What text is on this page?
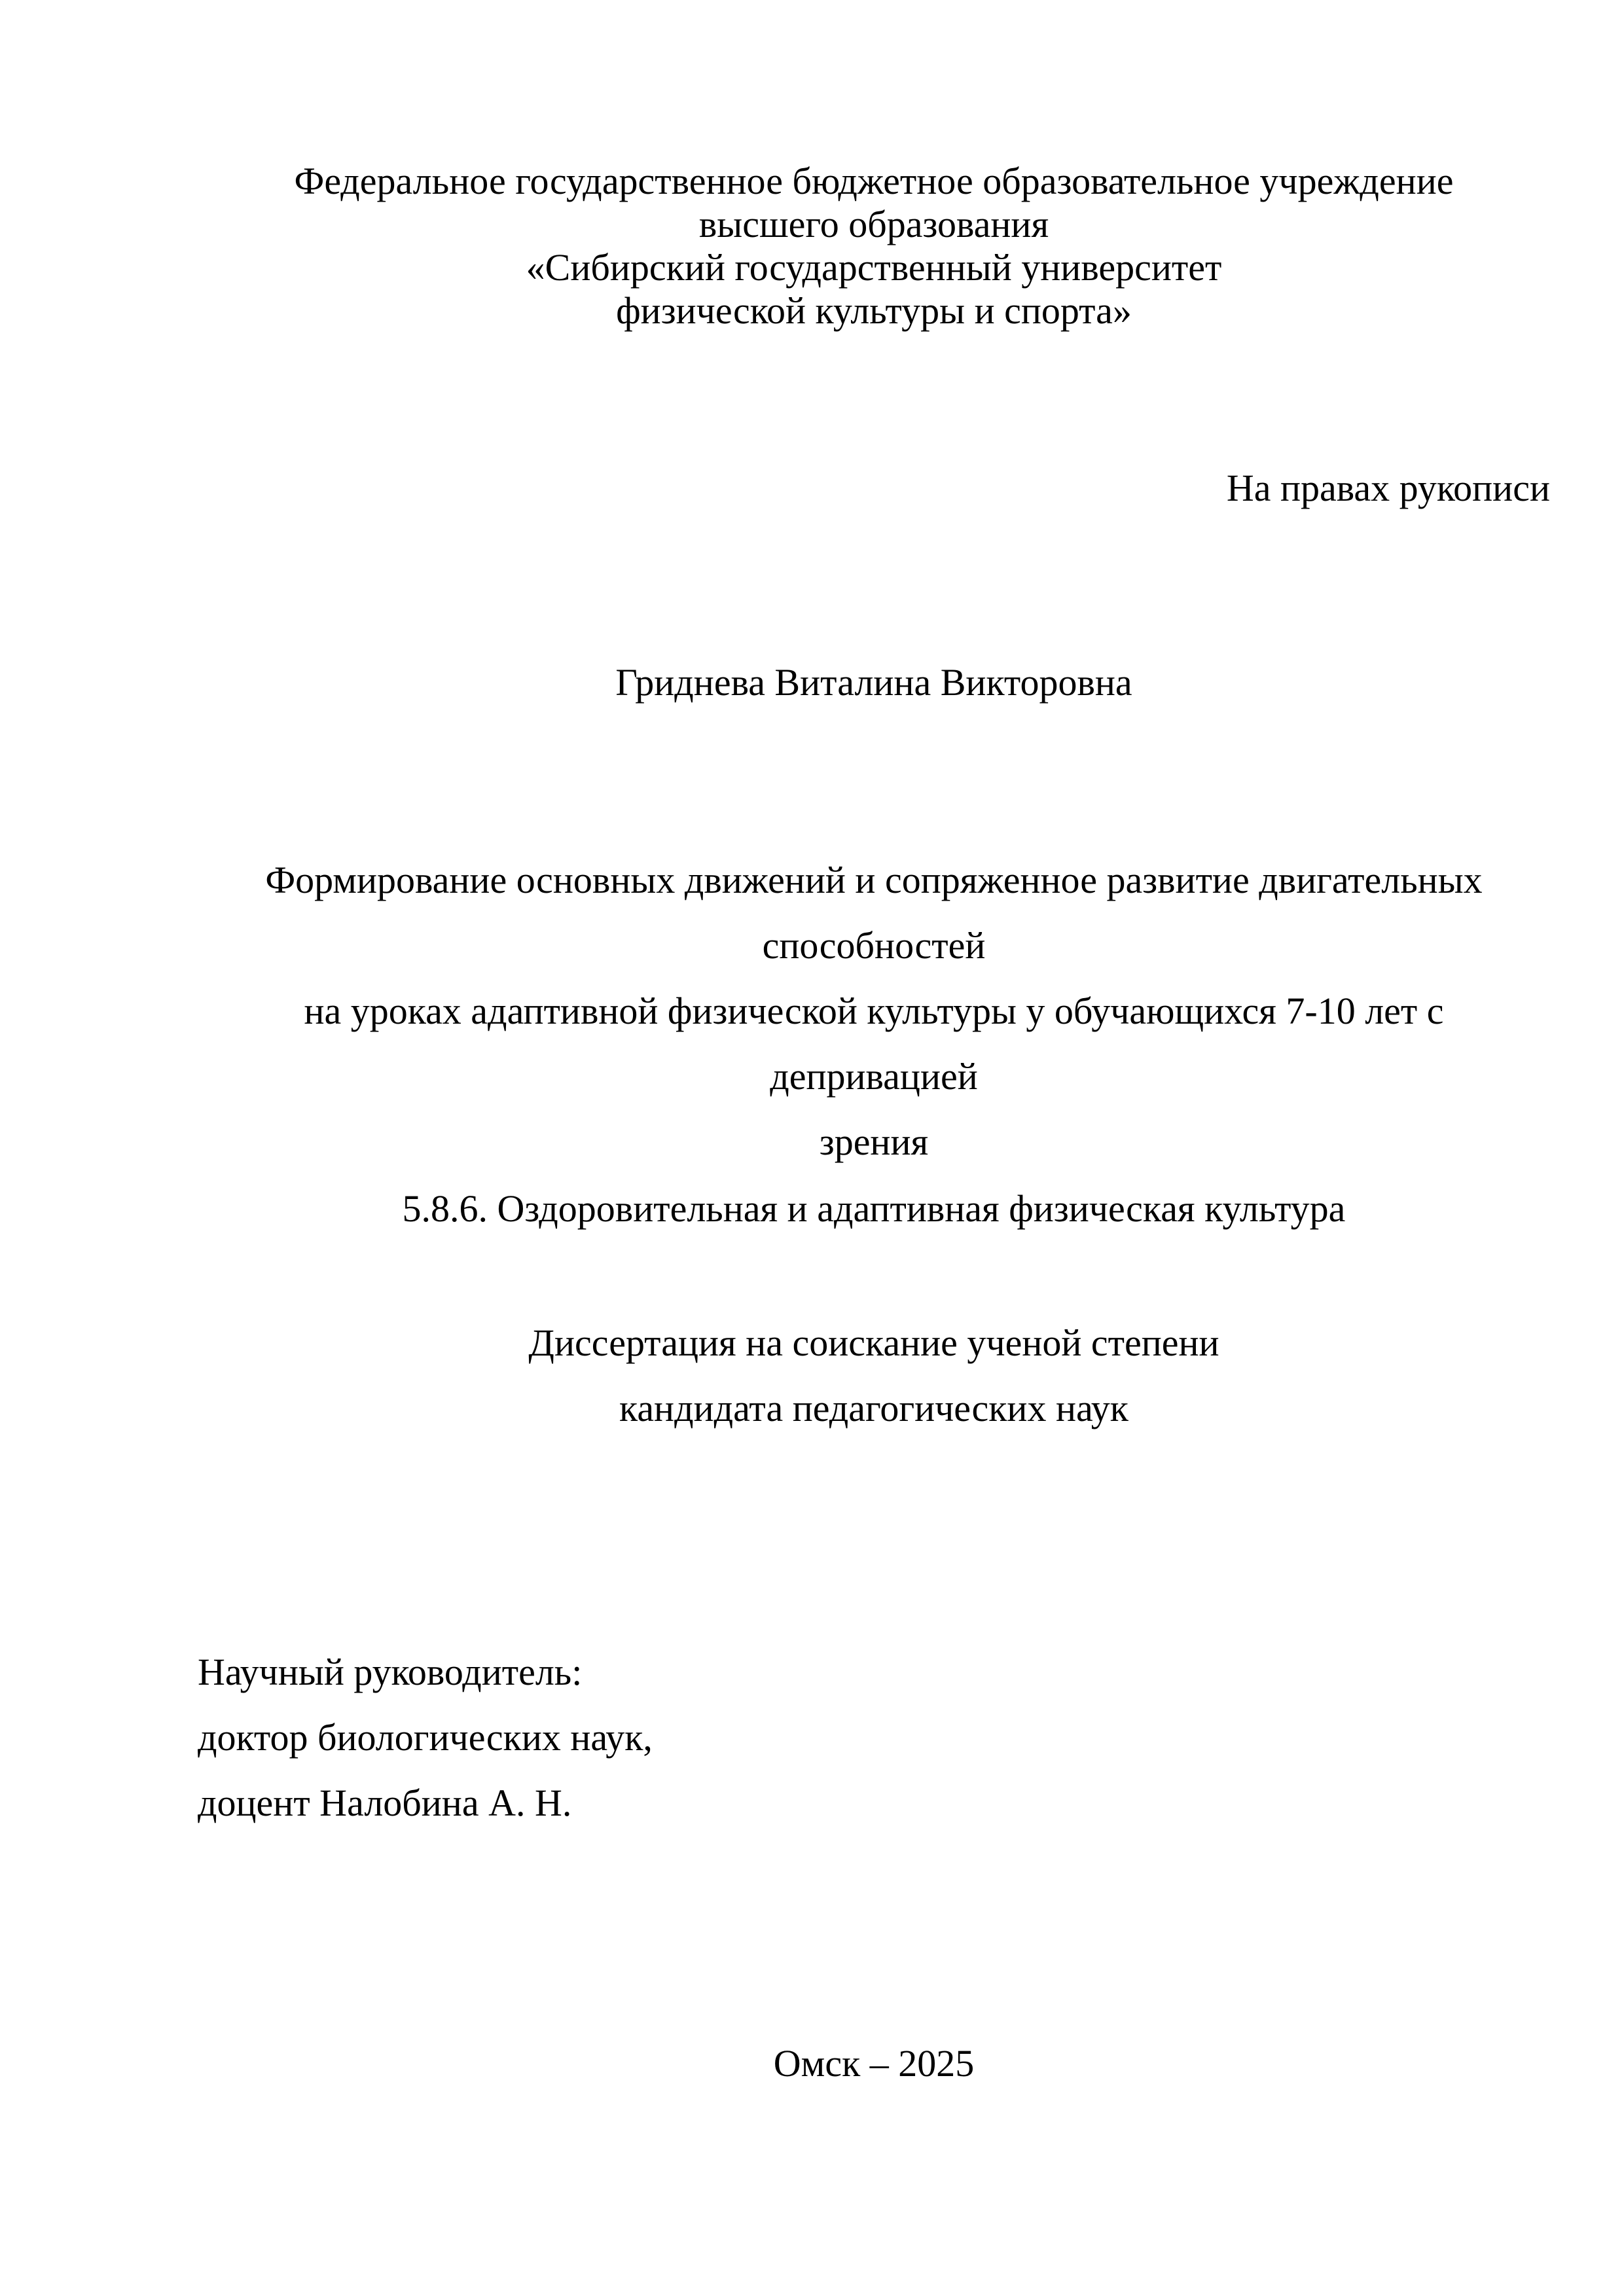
Федеральное государственное бюджетное образовательное учреждение
высшего образования
«Сибирский государственный университет
физической культуры и спорта»
На правах рукописи
Гриднева Виталина Викторовна
Формирование основных движений и сопряженное развитие двигательных способностей
на уроках адаптивной физической культуры у обучающихся 7-10 лет с депривацией
зрения
5.8.6. Оздоровительная и адаптивная физическая культура
Диссертация на соискание ученой степени
кандидата педагогических наук
Научный руководитель:
доктор биологических наук,
доцент Налобина А. Н.
Омск – 2025
